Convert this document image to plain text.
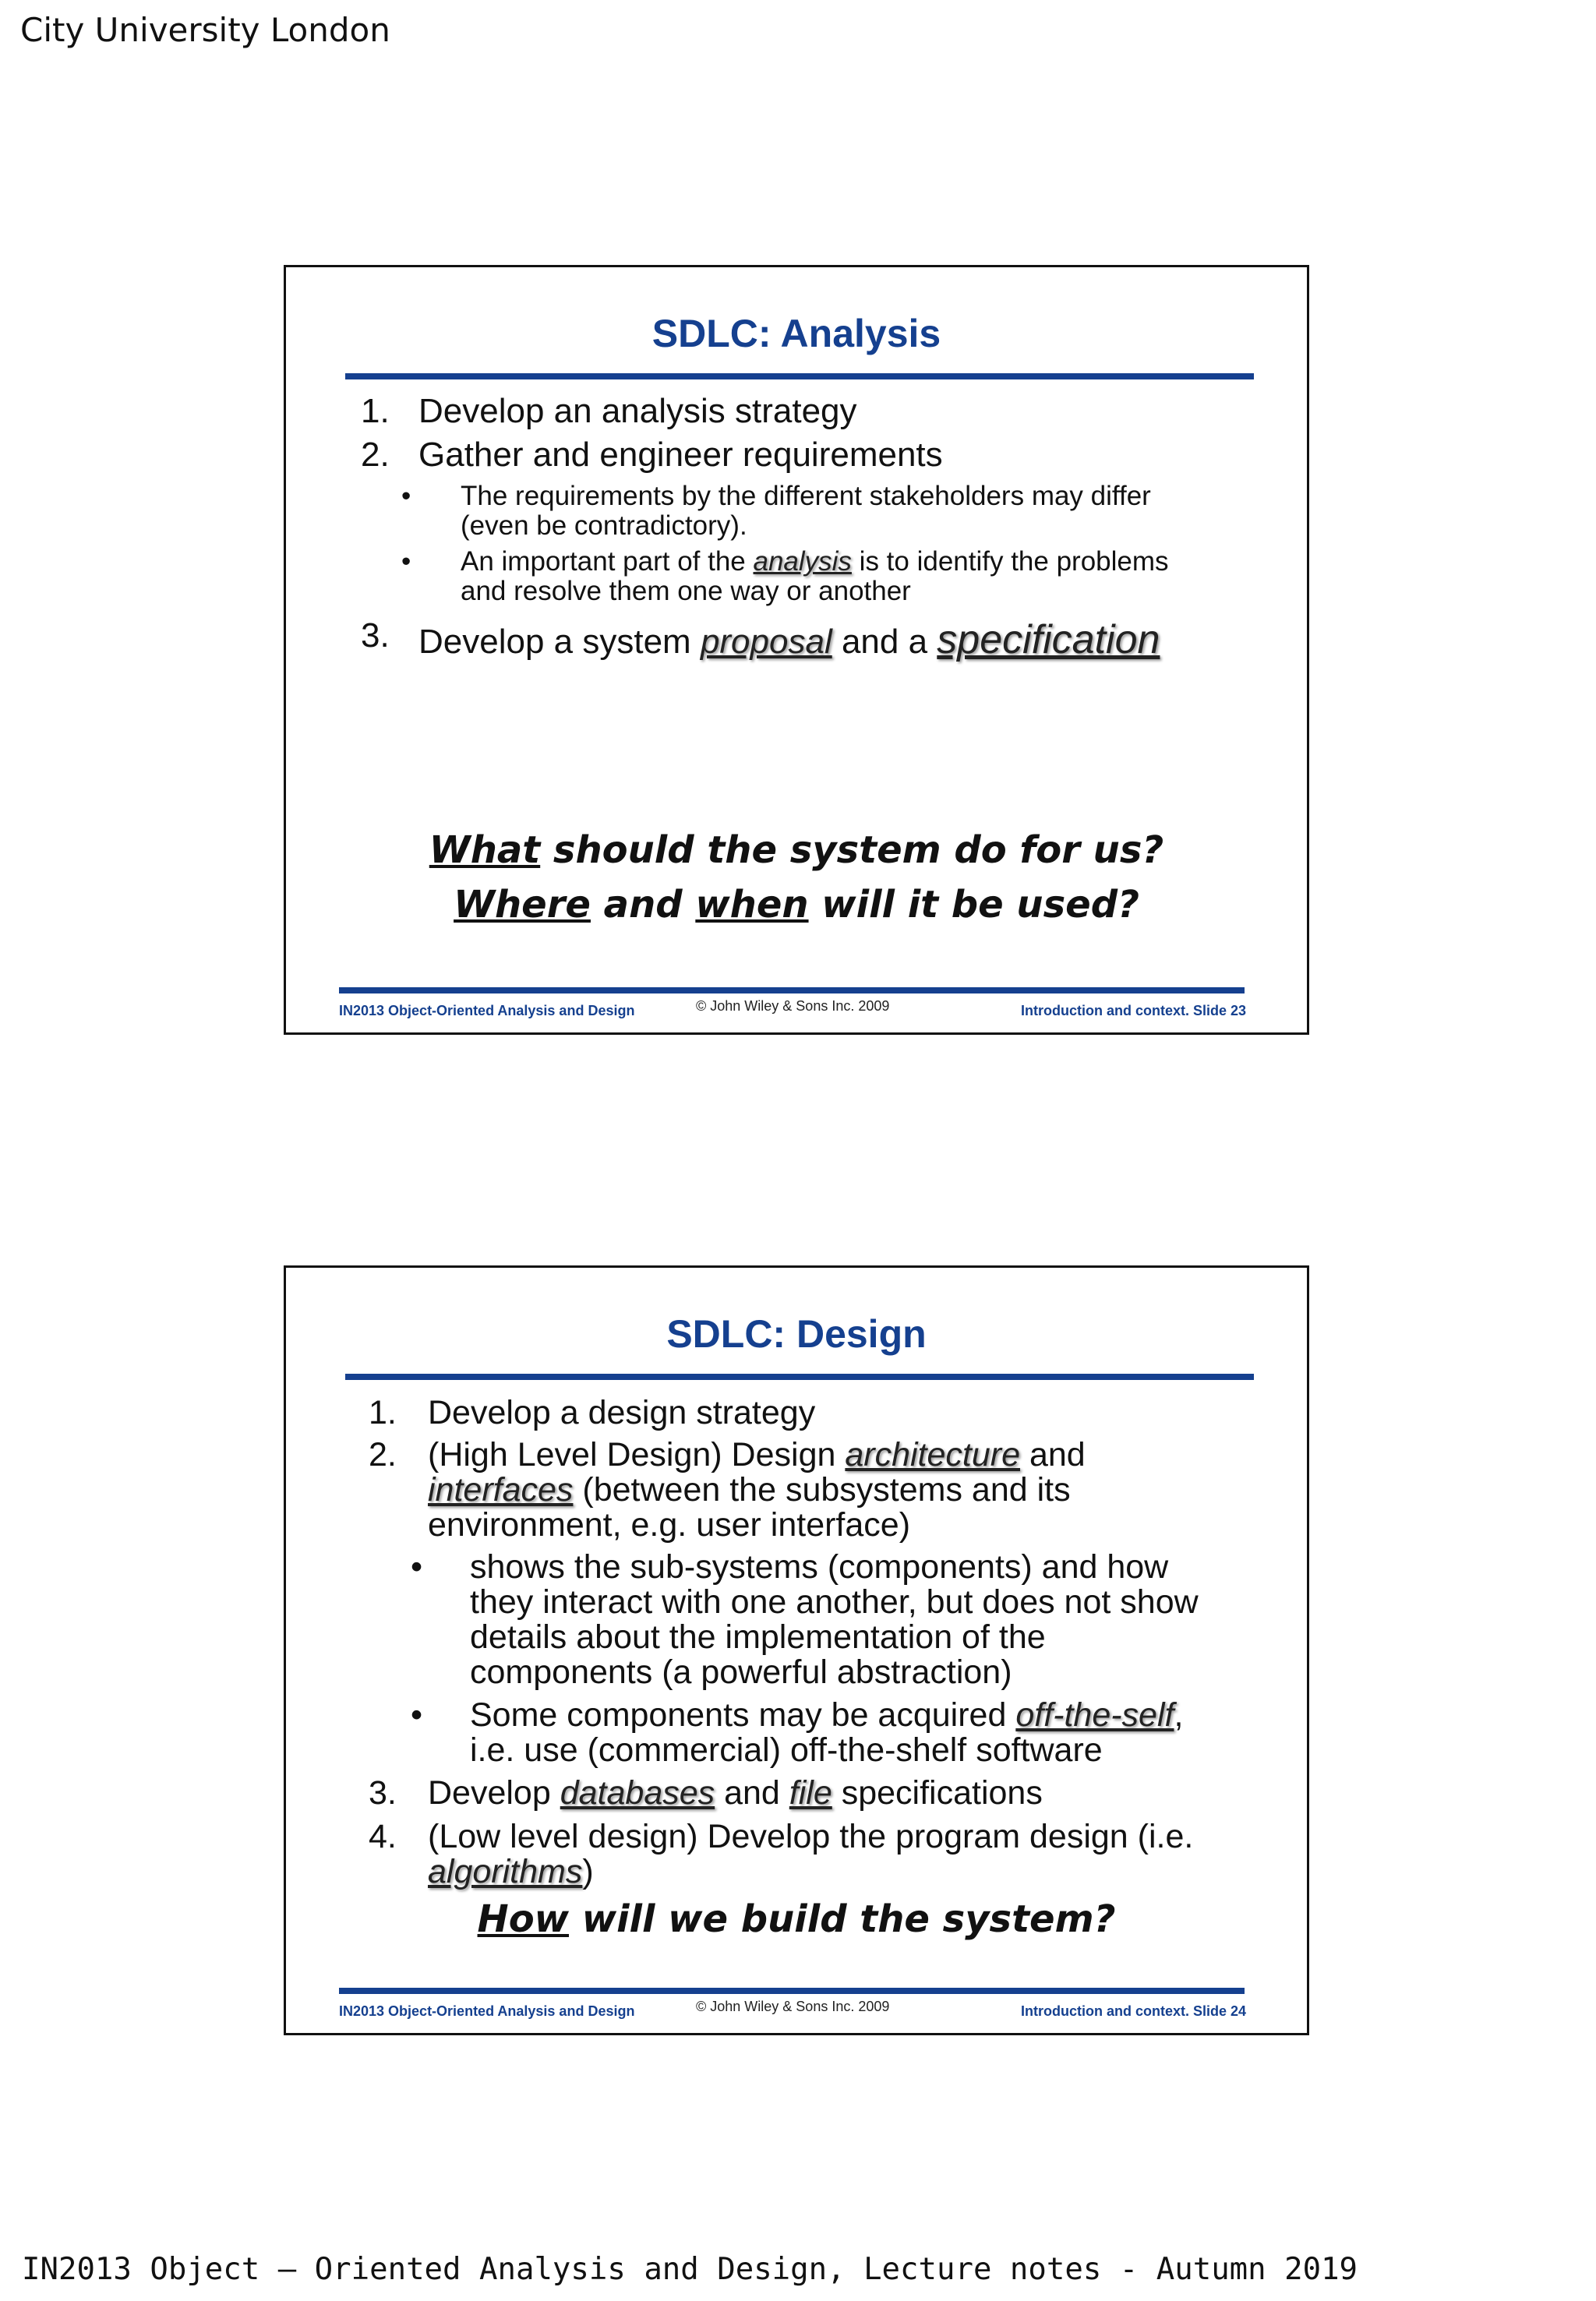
City University London
SDLC: Analysis
1. Develop an analysis strategy
2. Gather and engineer requirements
• The requirements by the different stakeholders may differ
(even be contradictory).
• An important part of the analysis is to identify the problems
and resolve them one way or another
3. Develop a system proposal and a specification
What should the system do for us?
Where and when will it be used?
IN2013 Object-Oriented Analysis and Design	© John Wiley & Sons Inc. 2009	Introduction and context. Slide 23
SDLC: Design
1. Develop a design strategy
2. (High Level Design) Design architecture and
interfaces (between the subsystems and its
environment, e.g. user interface)
• shows the sub-systems (components) and how
they interact with one another, but does not show
details about the implementation of the
components (a powerful abstraction)
• Some components may be acquired off-the-self,
i.e. use (commercial) off-the-shelf software
3. Develop databases and file specifications
4. (Low level design) Develop the program design (i.e.
algorithms)
How will we build the system?
IN2013 Object-Oriented Analysis and Design	© John Wiley & Sons Inc. 2009	Introduction and context. Slide 24
IN2013 Object – Oriented Analysis and Design, Lecture notes - Autumn 2019
